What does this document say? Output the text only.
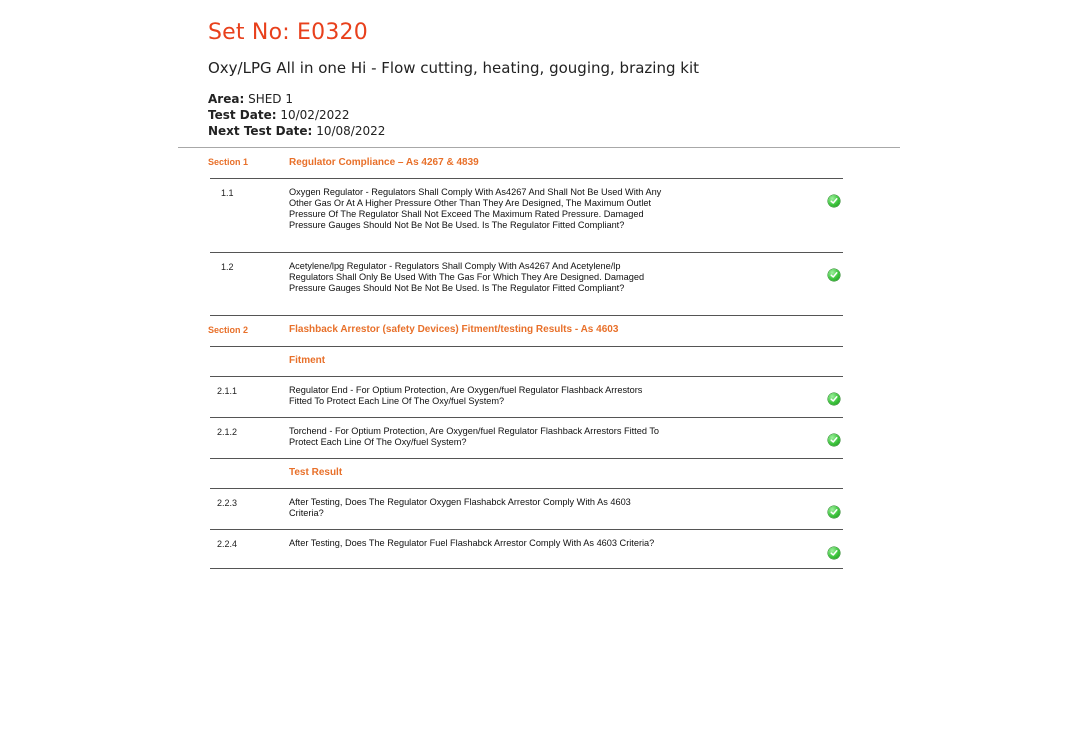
Set No: E0320
Oxy/LPG All in one Hi - Flow cutting, heating, gouging, brazing kit
Area: SHED 1
Test Date: 10/02/2022
Next Test Date: 10/08/2022
Section 1	Regulator Compliance – As 4267 & 4839
1.1	Oxygen Regulator - Regulators Shall Comply With As4267 And Shall Not Be Used With Any
Other Gas Or At A Higher Pressure Other Than They Are Designed, The Maximum Outlet
Pressure Of The Regulator Shall Not Exceed The Maximum Rated Pressure. Damaged
Pressure Gauges Should Not Be Not Be Used. Is The Regulator Fitted Compliant?
1.2	Acetylene/lpg Regulator - Regulators Shall Comply With As4267 And Acetylene/lp
Regulators Shall Only Be Used With The Gas For Which They Are Designed. Damaged
Pressure Gauges Should Not Be Not Be Used. Is The Regulator Fitted Compliant?
Section 2	Flashback Arrestor (safety Devices) Fitment/testing Results - As 4603
Fitment
2.1.1	Regulator End - For Optium Protection, Are Oxygen/fuel Regulator Flashback Arrestors
Fitted To Protect Each Line Of The Oxy/fuel System?
2.1.2	Torchend - For Optium Protection, Are Oxygen/fuel Regulator Flashback Arrestors Fitted To
Protect Each Line Of The Oxy/fuel System?
Test Result
2.2.3	After Testing, Does The Regulator Oxygen Flashabck Arrestor Comply With As 4603
Criteria?
2.2.4	After Testing, Does The Regulator Fuel Flashabck Arrestor Comply With As 4603 Criteria?
